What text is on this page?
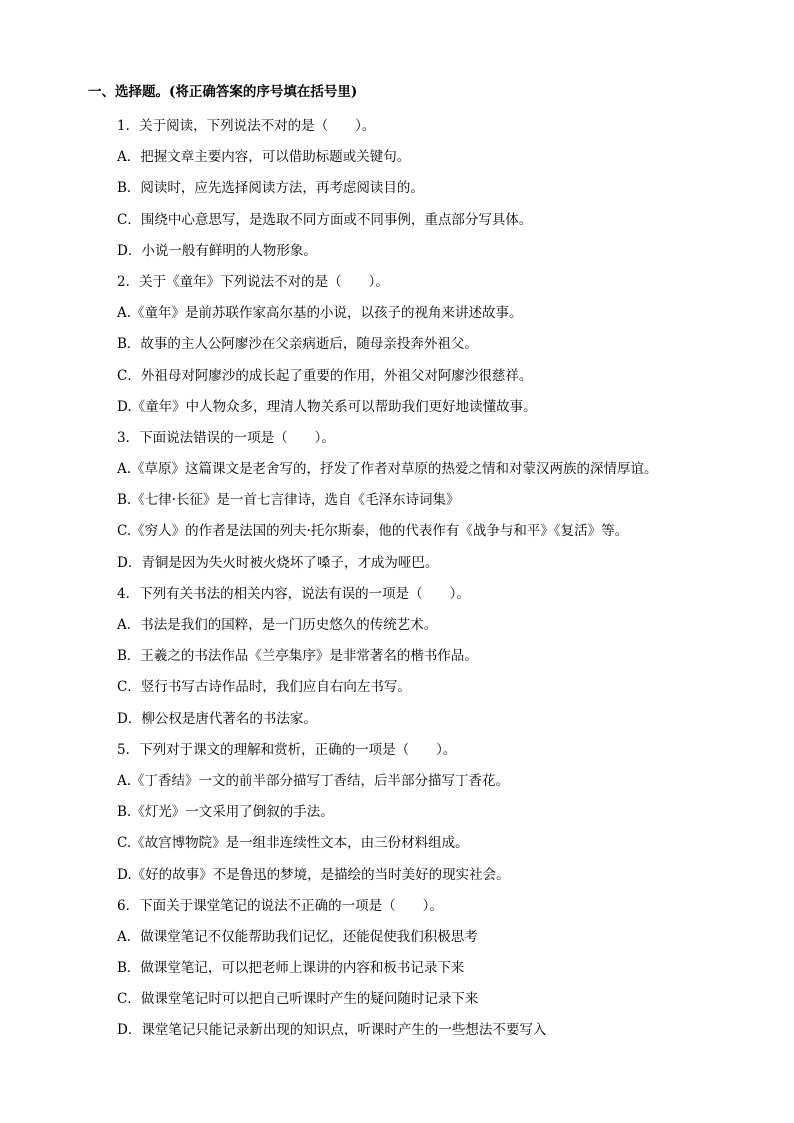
一、选择题。(将正确答案的序号填在括号里)
1．关于阅读，下列说法不对的是（　　）。
A．把握文章主要内容，可以借助标题或关键句。
B．阅读时，应先选择阅读方法，再考虑阅读目的。
C．围绕中心意思写，是选取不同方面或不同事例，重点部分写具体。
D．小说一般有鲜明的人物形象。
2．关于《童年》下列说法不对的是（　　）。
A.《童年》是前苏联作家高尔基的小说，以孩子的视角来讲述故事。
B．故事的主人公阿廖沙在父亲病逝后，随母亲投奔外祖父。
C．外祖母对阿廖沙的成长起了重要的作用，外祖父对阿廖沙很慈祥。
D.《童年》中人物众多，理清人物关系可以帮助我们更好地读懂故事。
3．下面说法错误的一项是（　　）。
A.《草原》这篇课文是老舍写的，抒发了作者对草原的热爱之情和对蒙汉两族的深情厚谊。
B.《七律·长征》是一首七言律诗，选自《毛泽东诗词集》
C.《穷人》的作者是法国的列夫·托尔斯泰，他的代表作有《战争与和平》《复活》等。
D．青铜是因为失火时被火烧坏了嗓子，才成为哑巴。
4．下列有关书法的相关内容，说法有误的一项是（　　）。
A．书法是我们的国粹，是一门历史悠久的传统艺术。
B．王羲之的书法作品《兰亭集序》是非常著名的楷书作品。
C．竖行书写古诗作品时，我们应自右向左书写。
D．柳公权是唐代著名的书法家。
5．下列对于课文的理解和赏析，正确的一项是（　　）。
A.《丁香结》一文的前半部分描写丁香结，后半部分描写丁香花。
B.《灯光》一文采用了倒叙的手法。
C.《故宫博物院》是一组非连续性文本，由三份材料组成。
D.《好的故事》不是鲁迅的梦境，是描绘的当时美好的现实社会。
6．下面关于课堂笔记的说法不正确的一项是（　　）。
A．做课堂笔记不仅能帮助我们记忆，还能促使我们积极思考
B．做课堂笔记，可以把老师上课讲的内容和板书记录下来
C．做课堂笔记时可以把自己听课时产生的疑问随时记录下来
D．课堂笔记只能记录新出现的知识点，听课时产生的一些想法不要写入
